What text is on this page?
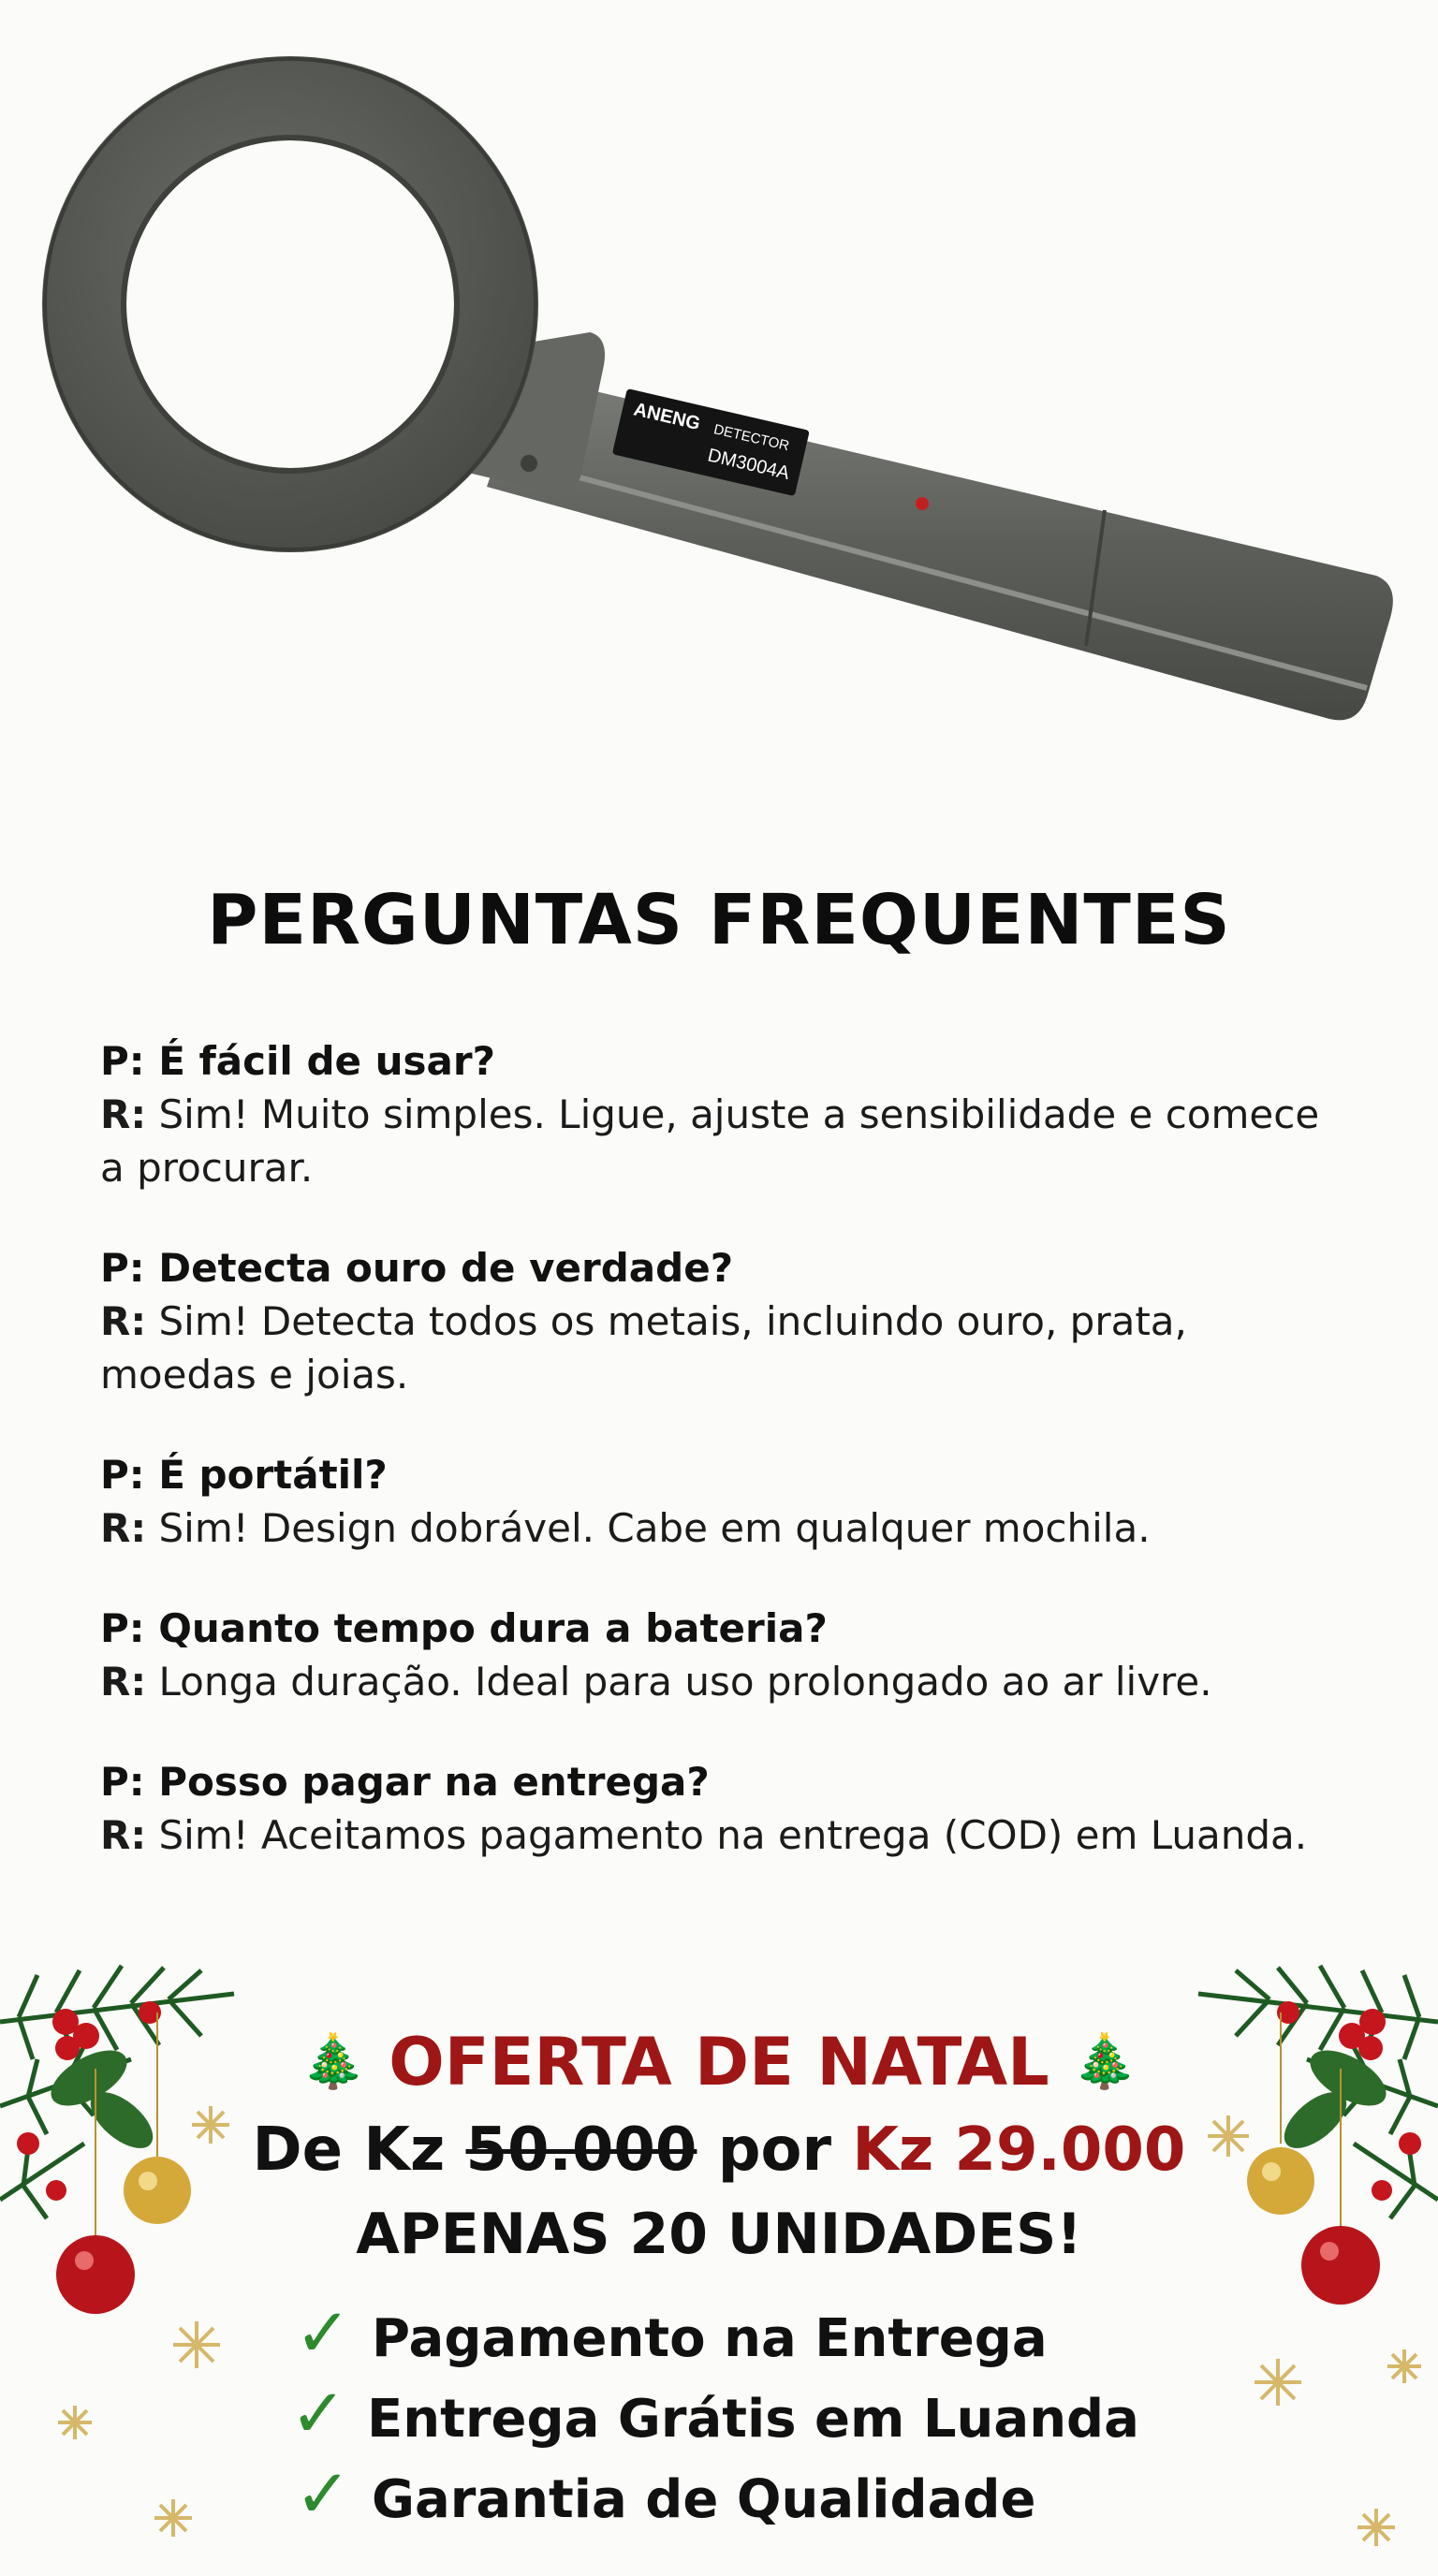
ANENG
DETECTOR
DM3004A
PERGUNTAS FREQUENTES
P: É fácil de usar?
R: Sim! Muito simples. Ligue, ajuste a sensibilidade e comece a procurar.
P: Detecta ouro de verdade?
R: Sim! Detecta todos os metais, incluindo ouro, prata, moedas e joias.
P: É portátil?
R: Sim! Design dobrável. Cabe em qualquer mochila.
P: Quanto tempo dura a bateria?
R: Longa duração. Ideal para uso prolongado ao ar livre.
P: Posso pagar na entrega?
R: Sim! Aceitamos pagamento na entrega (COD) em Luanda.
🎄 OFERTA DE NATAL 🎄
De Kz 50.000 por Kz 29.000
APENAS 20 UNIDADES!
✓ Pagamento na Entrega
✓ Entrega Grátis em Luanda
✓ Garantia de Qualidade
